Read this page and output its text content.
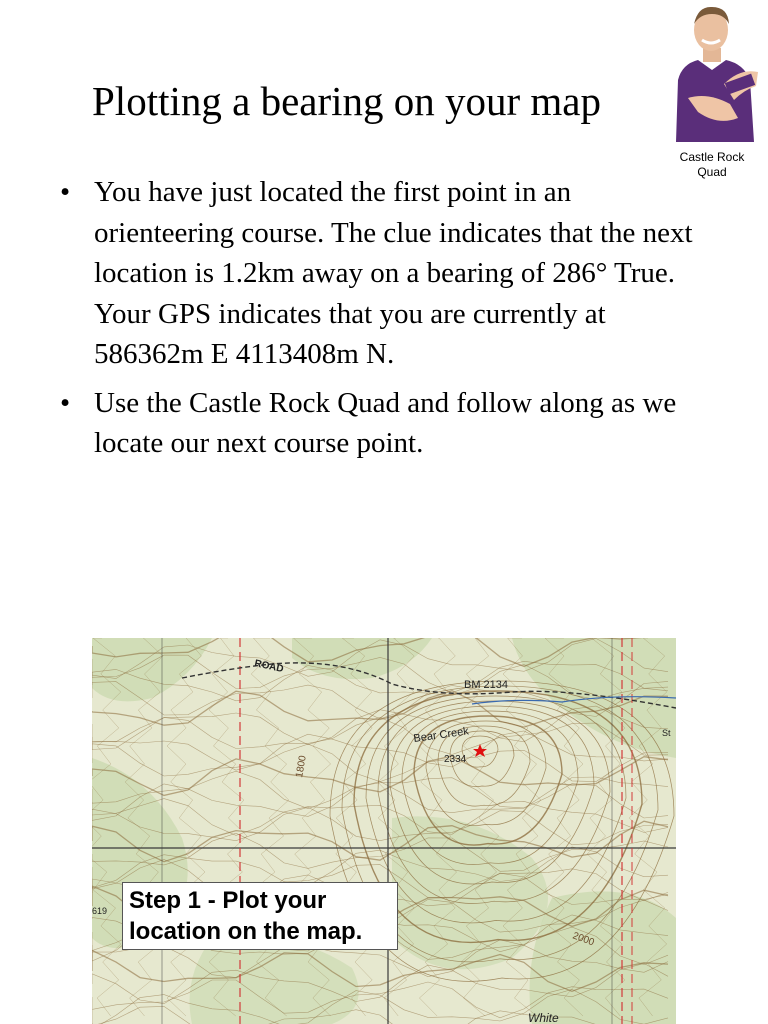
Plotting a bearing on your map
Castle Rock
Quad
• You have just located the first point in an orienteering course. The clue indicates that the next location is 1.2km away on a bearing of 286° True. Your GPS indicates that you are currently at 586362m E 4113408m N.
• Use the Castle Rock Quad and follow along as we locate our next course point.
ROAD
BM 2134
Bear Creek
2334
1800
2000
White
619
St
Step 1 - Plot your
location on the map.
